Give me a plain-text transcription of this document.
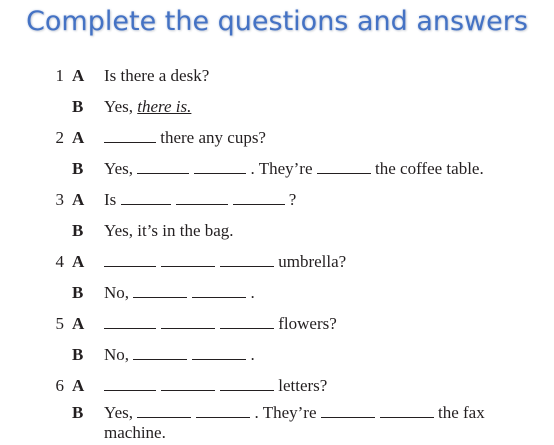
Complete the questions and answers
1 A Is there a desk?
B Yes, there is.
2 A	there any cups?
B Yes,	. They’re	the coffee table.
3 A Is	?
B Yes, it’s in the bag.
4 A	umbrella?
B No,	.
5 A	flowers?
B No,	.
6 A	letters?
B Yes,	. They’re	the fax
machine.
